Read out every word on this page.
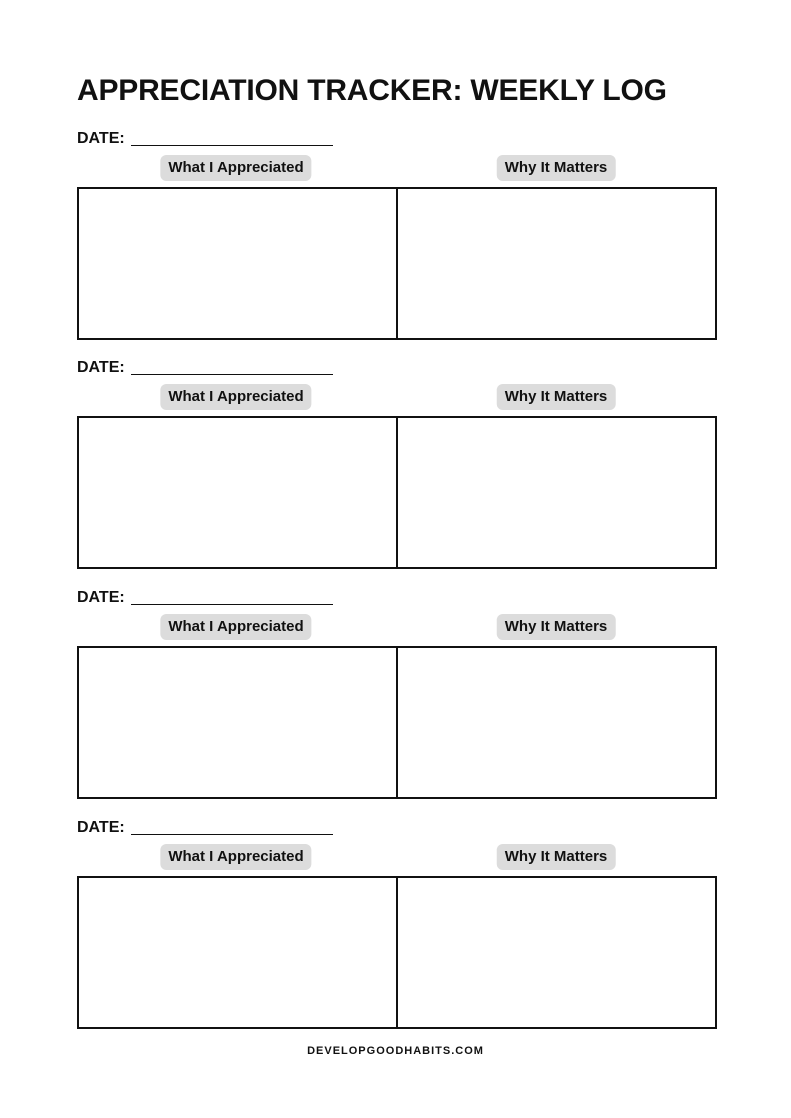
APPRECIATION TRACKER: WEEKLY LOG
DATE:
What I Appreciated	Why It Matters
DATE:
What I Appreciated	Why It Matters
DATE:
What I Appreciated	Why It Matters
DATE:
What I Appreciated	Why It Matters
DEVELOPGOODHABITS.COM
